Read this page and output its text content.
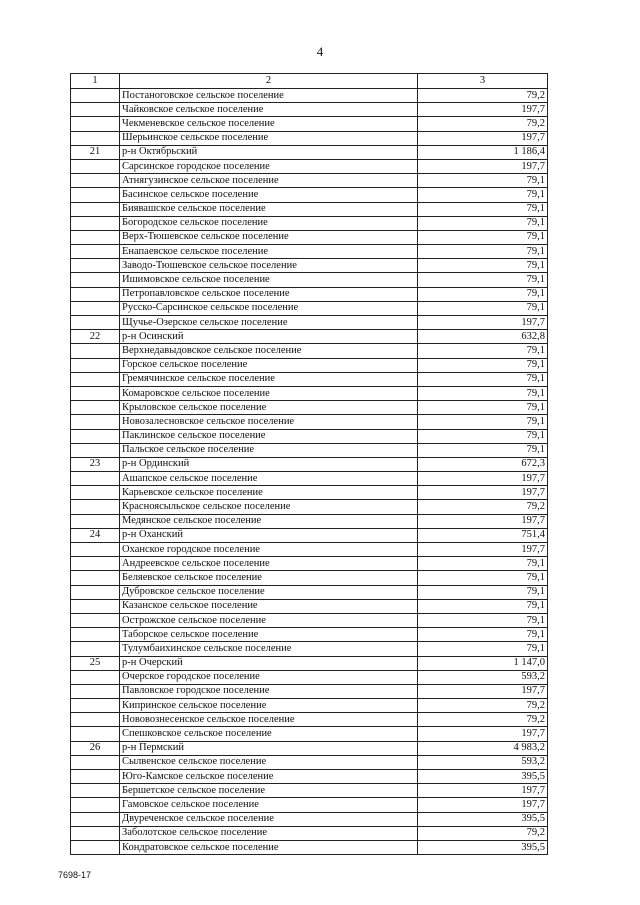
4
1	2	3
	Постаноговское сельское поселение	79,2
	Чайковское сельское поселение	197,7
	Чекменевское сельское поселение	79,2
	Шерьинское сельское поселение	197,7
21	р-н Октябрьский	1 186,4
	Сарсинское городское поселение	197,7
	Атнягузинское сельское поселение	79,1
	Басинское сельское поселение	79,1
	Биявашское сельское поселение	79,1
	Богородское сельское поселение	79,1
	Верх-Тюшевское сельское поселение	79,1
	Енапаевское сельское поселение	79,1
	Заводо-Тюшевское сельское поселение	79,1
	Ишимовское сельское поселение	79,1
	Петропавловское сельское поселение	79,1
	Русско-Сарсинское сельское поселение	79,1
	Щучье-Озерское сельское поселение	197,7
22	р-н Осинский	632,8
	Верхнедавыдовское сельское поселение	79,1
	Горское сельское поселение	79,1
	Гремячинское сельское поселение	79,1
	Комаровское сельское поселение	79,1
	Крыловское сельское поселение	79,1
	Новозалесновское сельское поселение	79,1
	Паклинское сельское поселение	79,1
	Пальское сельское поселение	79,1
23	р-н Ординский	672,3
	Ашапское сельское поселение	197,7
	Карьевское сельское поселение	197,7
	Красноясыльское сельское поселение	79,2
	Медянское сельское поселение	197,7
24	р-н Оханский	751,4
	Оханское городское поселение	197,7
	Андреевское сельское поселение	79,1
	Беляевское сельское поселение	79,1
	Дубровское сельское поселение	79,1
	Казанское сельское поселение	79,1
	Острожское сельское поселение	79,1
	Таборское сельское поселение	79,1
	Тулумбаихинское сельское поселение	79,1
25	р-н Очерский	1 147,0
	Очерское городское поселение	593,2
	Павловское городское поселение	197,7
	Кипринское сельское поселение	79,2
	Нововознесенское сельское поселение	79,2
	Спешковское сельское поселение	197,7
26	р-н Пермский	4 983,2
	Сылвенское сельское поселение	593,2
	Юго-Камское сельское поселение	395,5
	Бершетское сельское поселение	197,7
	Гамовское сельское поселение	197,7
	Двуреченское сельское поселение	395,5
	Заболотское сельское поселение	79,2
	Кондратовское сельское поселение	395,5
7698-17
